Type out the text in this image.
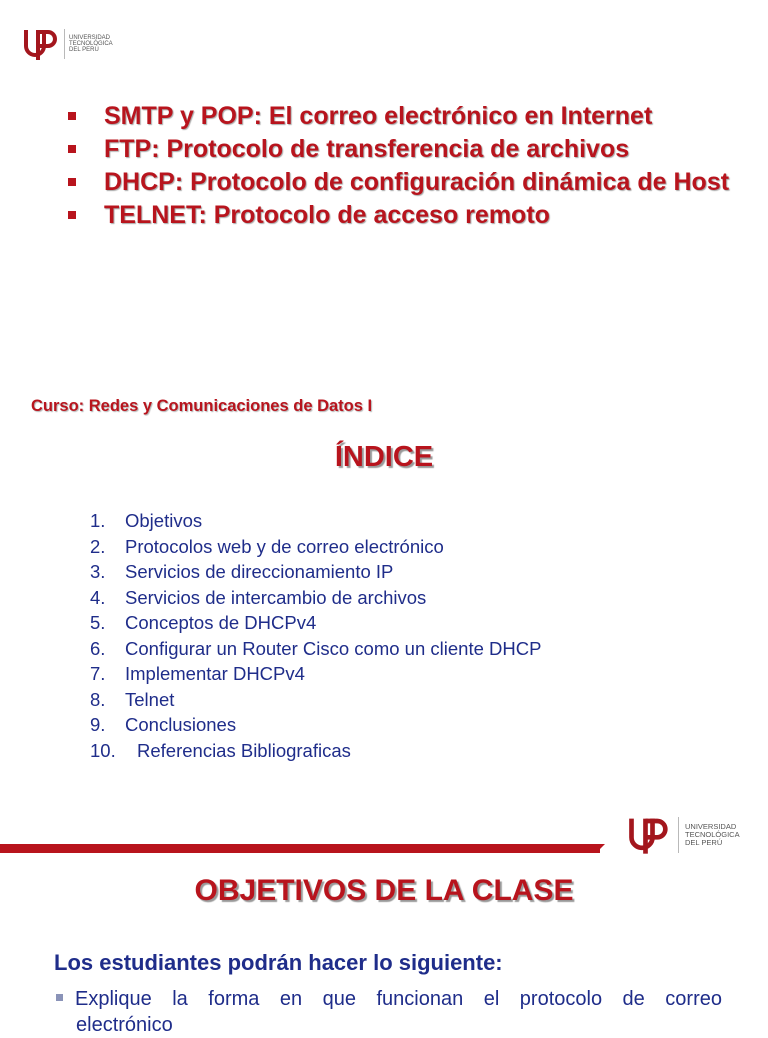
UNIVERSIDAD
TECNOLÓGICA
DEL PERÚ
SMTP y POP: El correo electrónico en Internet
FTP: Protocolo de transferencia de archivos
DHCP: Protocolo de configuración dinámica de Host
TELNET: Protocolo de acceso remoto
Curso: Redes y Comunicaciones de Datos I
ÍNDICE
1. Objetivos
2. Protocolos web y de correo electrónico
3. Servicios de direccionamiento IP
4. Servicios de intercambio de archivos
5. Conceptos de DHCPv4
6. Configurar un Router Cisco como un cliente DHCP
7. Implementar DHCPv4
8. Telnet
9. Conclusiones
10. Referencias Bibliograficas
UNIVERSIDAD
TECNOLÓGICA
DEL PERÚ
OBJETIVOS DE LA CLASE
Los estudiantes podrán hacer lo siguiente:
Explique la forma en que funcionan el protocolo de correo
electrónico
